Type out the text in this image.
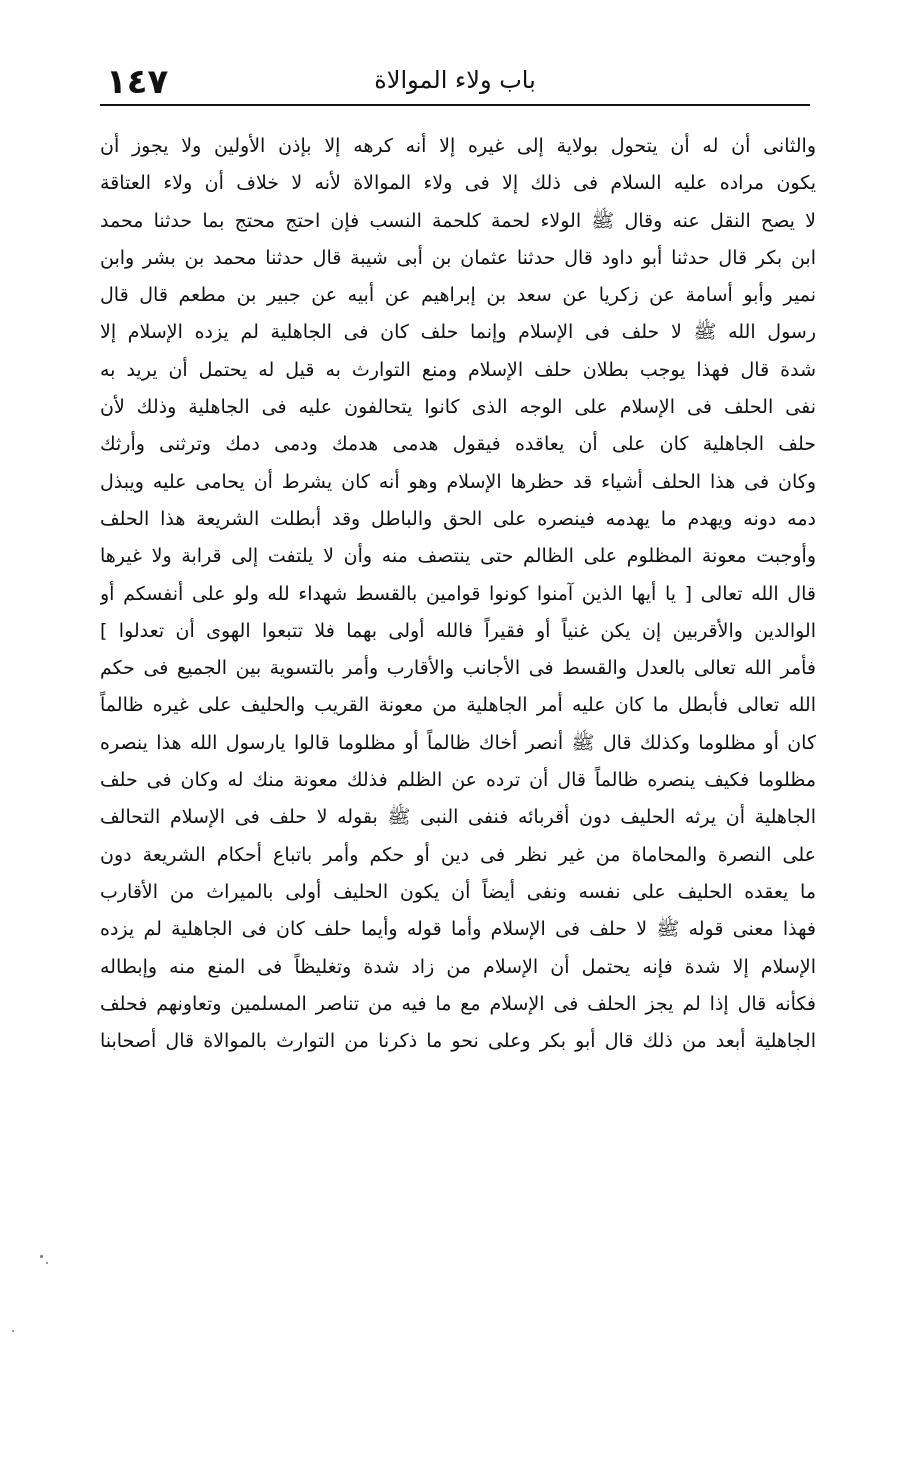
١٤٧	باب ولاء الموالاة
والثانى أن له أن يتحول بولاية إلى غيره إلا أنه كرهه إلا بإذن الأولين ولا يجوز أن
يكون مراده عليه السلام فى ذلك إلا فى ولاء الموالاة لأنه لا خلاف أن ولاء العتاقة
لا يصح النقل عنه وقال ﷺ الولاء لحمة كلحمة النسب فإن احتج محتج بما حدثنا محمد
ابن بكر قال حدثنا أبو داود قال حدثنا عثمان بن أبى شيبة قال حدثنا محمد بن بشر وابن
نمير وأبو أسامة عن زكريا عن سعد بن إبراهيم عن أبيه عن جبير بن مطعم قال قال
رسول الله ﷺ لا حلف فى الإسلام وإنما حلف كان فى الجاهلية لم يزده الإسلام إلا
شدة قال فهذا يوجب بطلان حلف الإسلام ومنع التوارث به قيل له يحتمل أن يريد به
نفى الحلف فى الإسلام على الوجه الذى كانوا يتحالفون عليه فى الجاهلية وذلك لأن
حلف الجاهلية كان على أن يعاقده فيقول هدمى هدمك ودمى دمك وترثنى وأرثك
وكان فى هذا الحلف أشياء قد حظرها الإسلام وهو أنه كان يشرط أن يحامى عليه ويبذل
دمه دونه ويهدم ما يهدمه فينصره على الحق والباطل وقد أبطلت الشريعة هذا الحلف
وأوجبت معونة المظلوم على الظالم حتى ينتصف منه وأن لا يلتفت إلى قرابة ولا غيرها
قال الله تعالى [ يا أيها الذين آمنوا كونوا قوامين بالقسط شهداء لله ولو على أنفسكم أو
الوالدين والأقربين إن يكن غنياً أو فقيراً فالله أولى بهما فلا تتبعوا الهوى أن تعدلوا ]
فأمر الله تعالى بالعدل والقسط فى الأجانب والأقارب وأمر بالتسوية بين الجميع فى حكم
الله تعالى فأبطل ما كان عليه أمر الجاهلية من معونة القريب والحليف على غيره ظالماً
كان أو مظلوما وكذلك قال ﷺ أنصر أخاك ظالماً أو مظلوما قالوا يارسول الله هذا ينصره
مظلوما فكيف ينصره ظالماً قال أن ترده عن الظلم فذلك معونة منك له وكان فى حلف
الجاهلية أن يرثه الحليف دون أقربائه فنفى النبى ﷺ بقوله لا حلف فى الإسلام التحالف
على النصرة والمحاماة من غير نظر فى دين أو حكم وأمر باتباع أحكام الشريعة دون
ما يعقده الحليف على نفسه ونفى أيضاً أن يكون الحليف أولى بالميراث من الأقارب
فهذا معنى قوله ﷺ لا حلف فى الإسلام وأما قوله وأيما حلف كان فى الجاهلية لم يزده
الإسلام إلا شدة فإنه يحتمل أن الإسلام من زاد شدة وتغليظاً فى المنع منه وإبطاله
فكأنه قال إذا لم يجز الحلف فى الإسلام مع ما فيه من تناصر المسلمين وتعاونهم فحلف
الجاهلية أبعد من ذلك قال أبو بكر وعلى نحو ما ذكرنا من التوارث بالموالاة قال أصحابنا
